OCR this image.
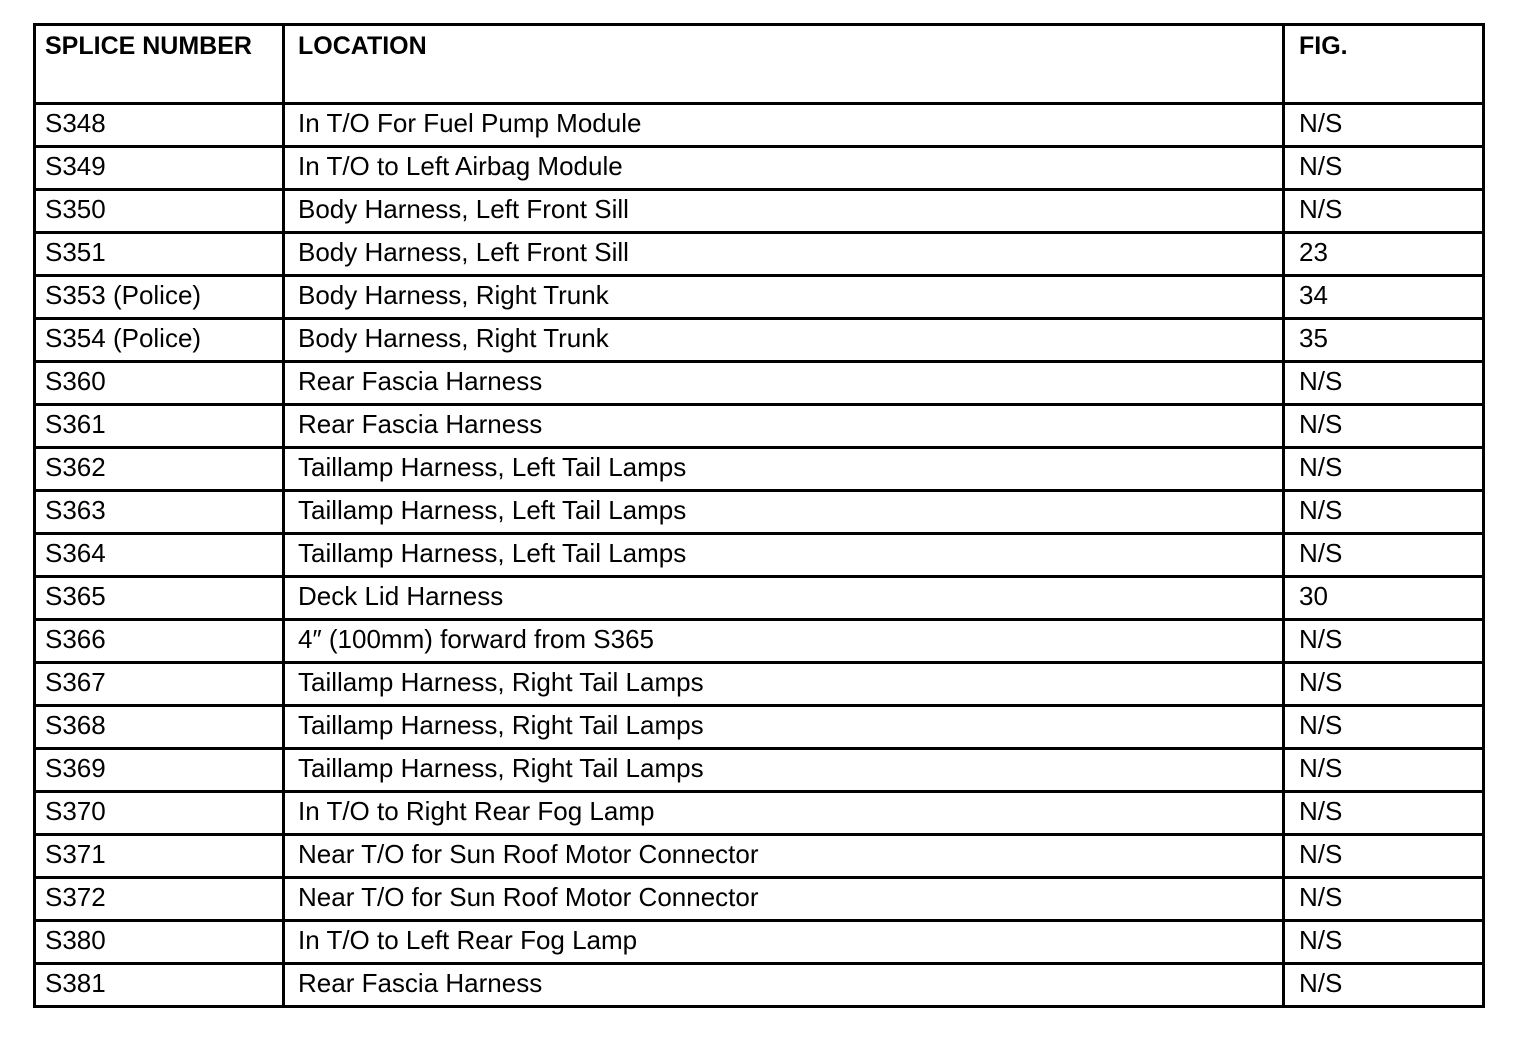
SPLICE NUMBER	LOCATION	FIG.
S348	In T/O For Fuel Pump Module	N/S
S349	In T/O to Left Airbag Module	N/S
S350	Body Harness, Left Front Sill	N/S
S351	Body Harness, Left Front Sill	23
S353 (Police)	Body Harness, Right Trunk	34
S354 (Police)	Body Harness, Right Trunk	35
S360	Rear Fascia Harness	N/S
S361	Rear Fascia Harness	N/S
S362	Taillamp Harness, Left Tail Lamps	N/S
S363	Taillamp Harness, Left Tail Lamps	N/S
S364	Taillamp Harness, Left Tail Lamps	N/S
S365	Deck Lid Harness	30
S366	4″ (100mm) forward from S365	N/S
S367	Taillamp Harness, Right Tail Lamps	N/S
S368	Taillamp Harness, Right Tail Lamps	N/S
S369	Taillamp Harness, Right Tail Lamps	N/S
S370	In T/O to Right Rear Fog Lamp	N/S
S371	Near T/O for Sun Roof Motor Connector	N/S
S372	Near T/O for Sun Roof Motor Connector	N/S
S380	In T/O to Left Rear Fog Lamp	N/S
S381	Rear Fascia Harness	N/S
